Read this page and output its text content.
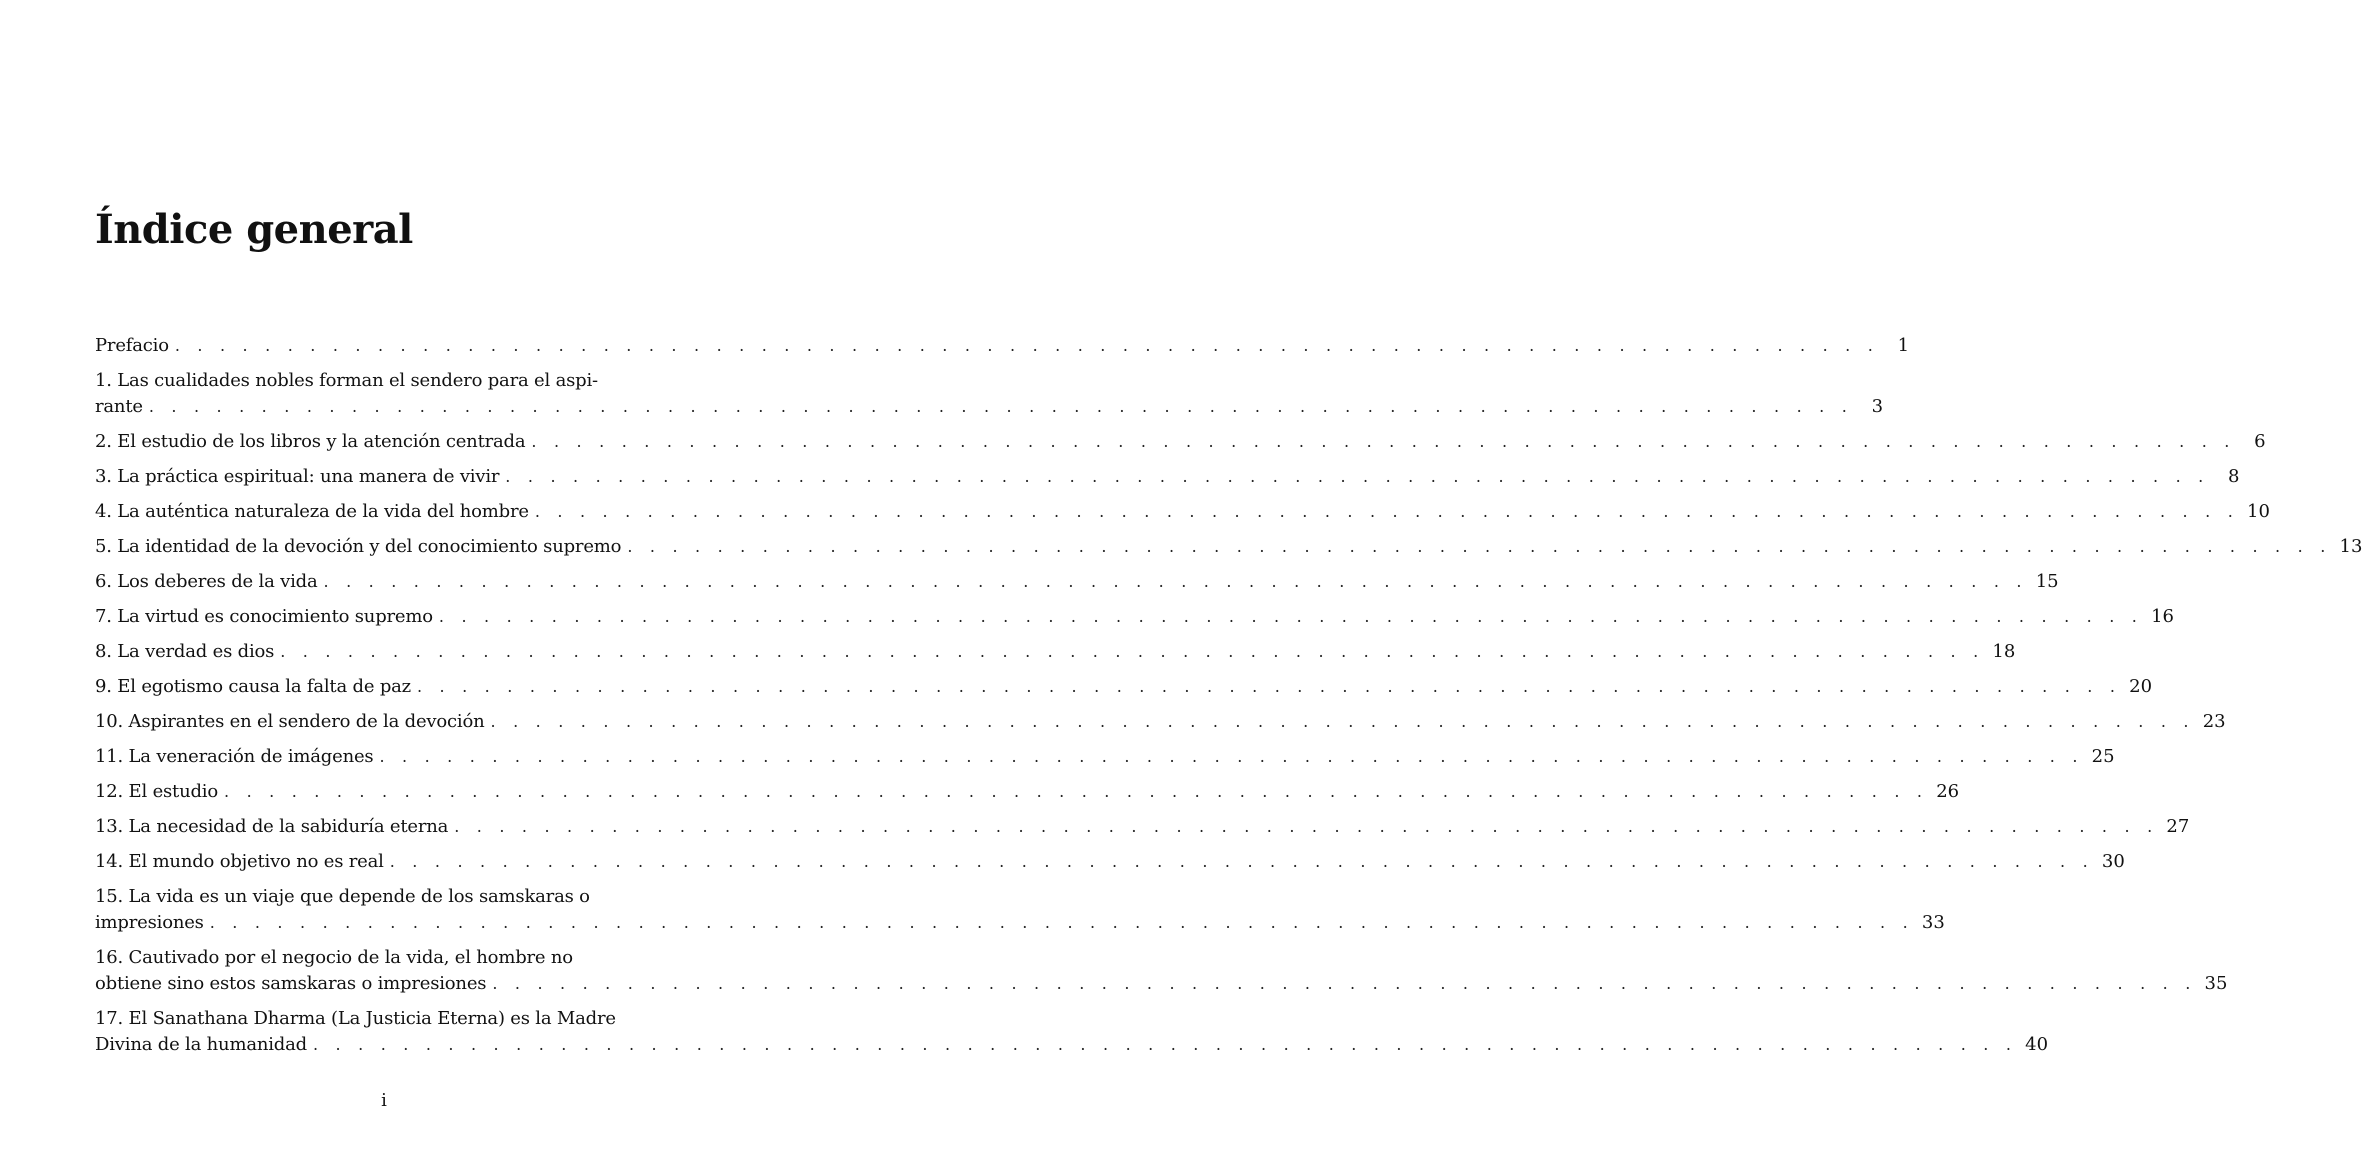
Índice general
Prefacio . . .	1
1. Las cualidades nobles forman el sendero para el aspi-
rante . . .	3
2. El estudio de los libros y la atención centrada . . .	6
3. La práctica espiritual: una manera de vivir . . .	8
4. La auténtica naturaleza de la vida del hombre . . .	10
5. La identidad de la devoción y del conocimiento supremo . . .	13
6. Los deberes de la vida . . .	15
7. La virtud es conocimiento supremo . . .	16
8. La verdad es dios . . .	18
9. El egotismo causa la falta de paz . . .	20
10. Aspirantes en el sendero de la devoción . . .	23
11. La veneración de imágenes . . .	25
12. El estudio . . .	26
13. La necesidad de la sabiduría eterna . . .	27
14. El mundo objetivo no es real . . .	30
15. La vida es un viaje que depende de los samskaras o
impresiones . . .	33
16. Cautivado por el negocio de la vida, el hombre no
obtiene sino estos samskaras o impresiones . . .	35
17. El Sanathana Dharma (La Justicia Eterna) es la Madre
Divina de la humanidad . . .	40
i
